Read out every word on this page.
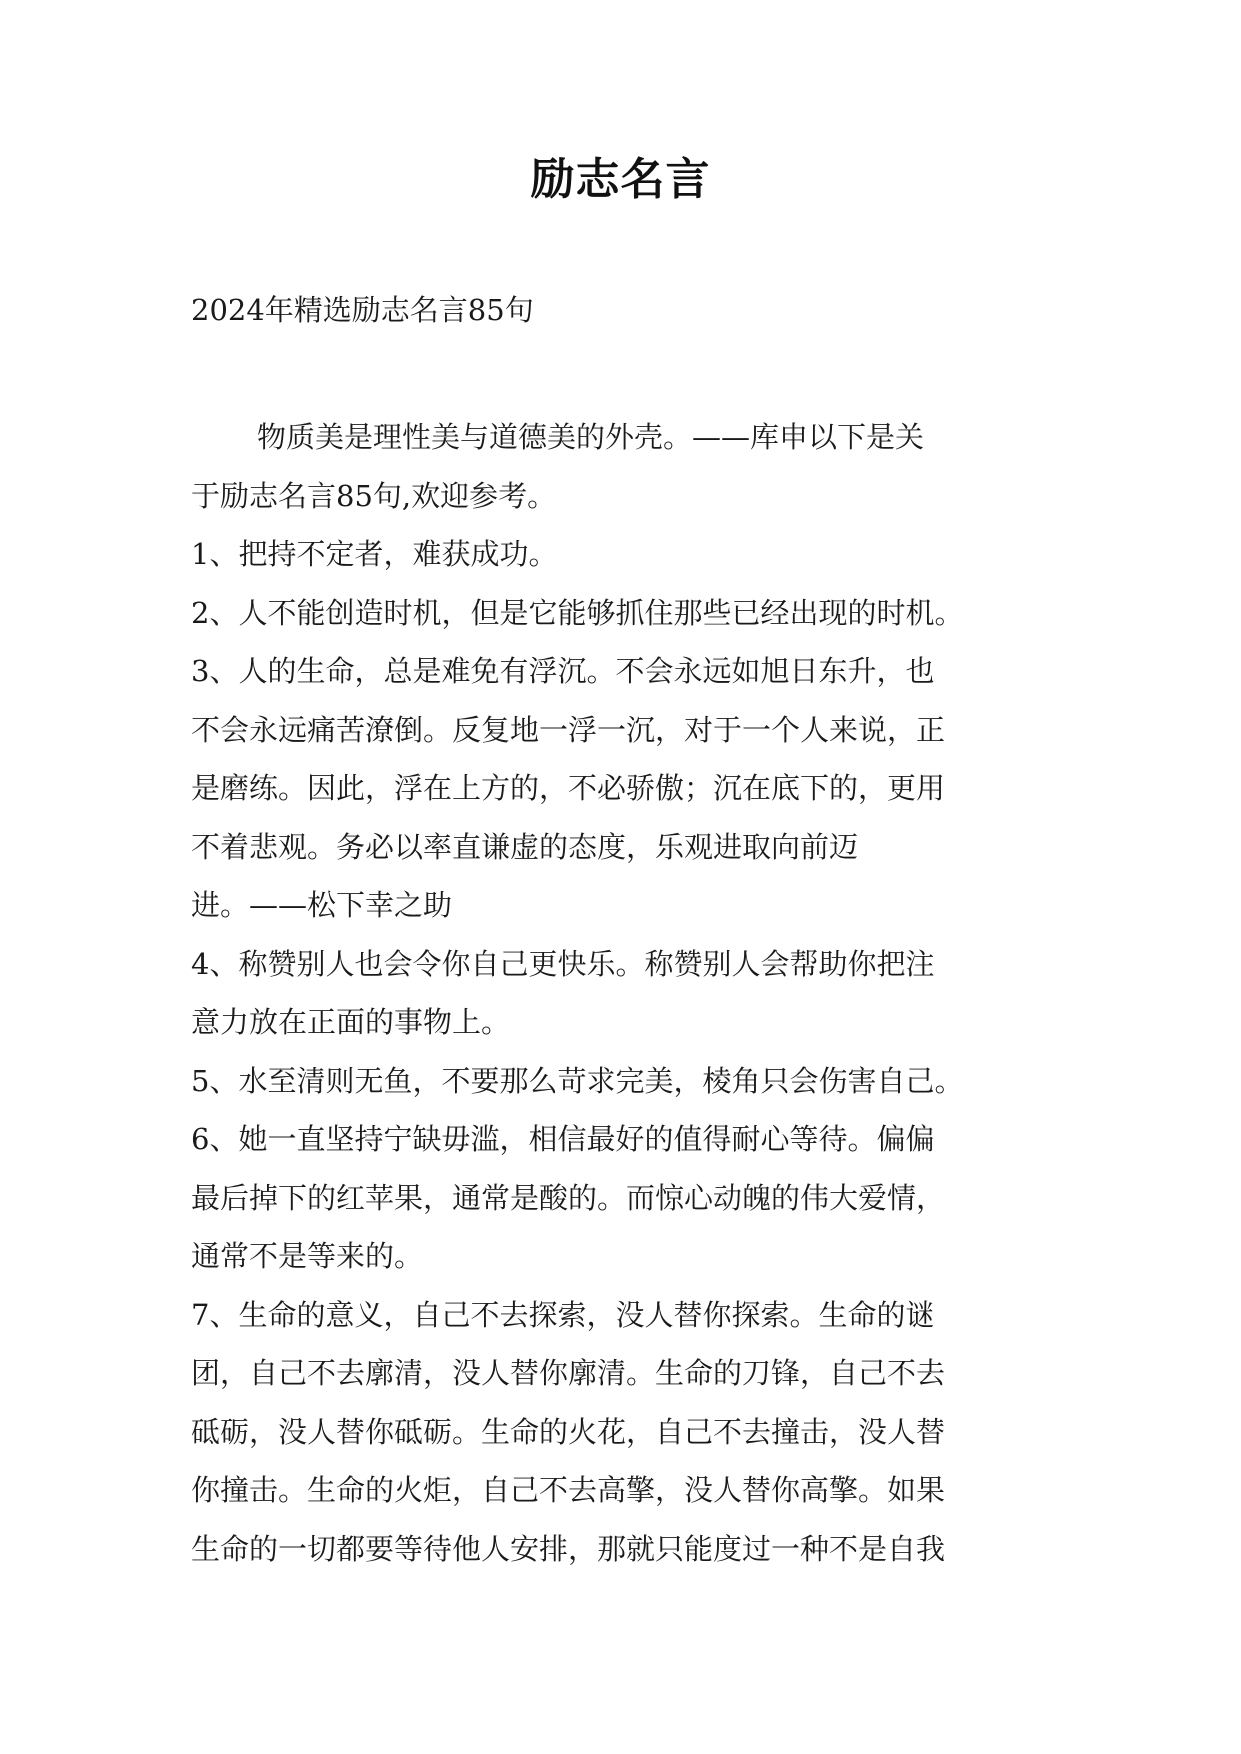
励志名言
2024年精选励志名言85句
物质美是理性美与道德美的外壳。——库申以下是关
于励志名言85句,欢迎参考。
1、把持不定者，难获成功。
2、人不能创造时机，但是它能够抓住那些已经出现的时机。
3、人的生命，总是难免有浮沉。不会永远如旭日东升，也
不会永远痛苦潦倒。反复地一浮一沉，对于一个人来说，正
是磨练。因此，浮在上方的，不必骄傲；沉在底下的，更用
不着悲观。务必以率直谦虚的态度，乐观进取向前迈
进。——松下幸之助
4、称赞别人也会令你自己更快乐。称赞别人会帮助你把注
意力放在正面的事物上。
5、水至清则无鱼，不要那么苛求完美，棱角只会伤害自己。
6、她一直坚持宁缺毋滥，相信最好的值得耐心等待。偏偏
最后掉下的红苹果，通常是酸的。而惊心动魄的伟大爱情，
通常不是等来的。
7、生命的意义，自己不去探索，没人替你探索。生命的谜
团，自己不去廓清，没人替你廓清。生命的刀锋，自己不去
砥砺，没人替你砥砺。生命的火花，自己不去撞击，没人替
你撞击。生命的火炬，自己不去高擎，没人替你高擎。如果
生命的一切都要等待他人安排，那就只能度过一种不是自我
